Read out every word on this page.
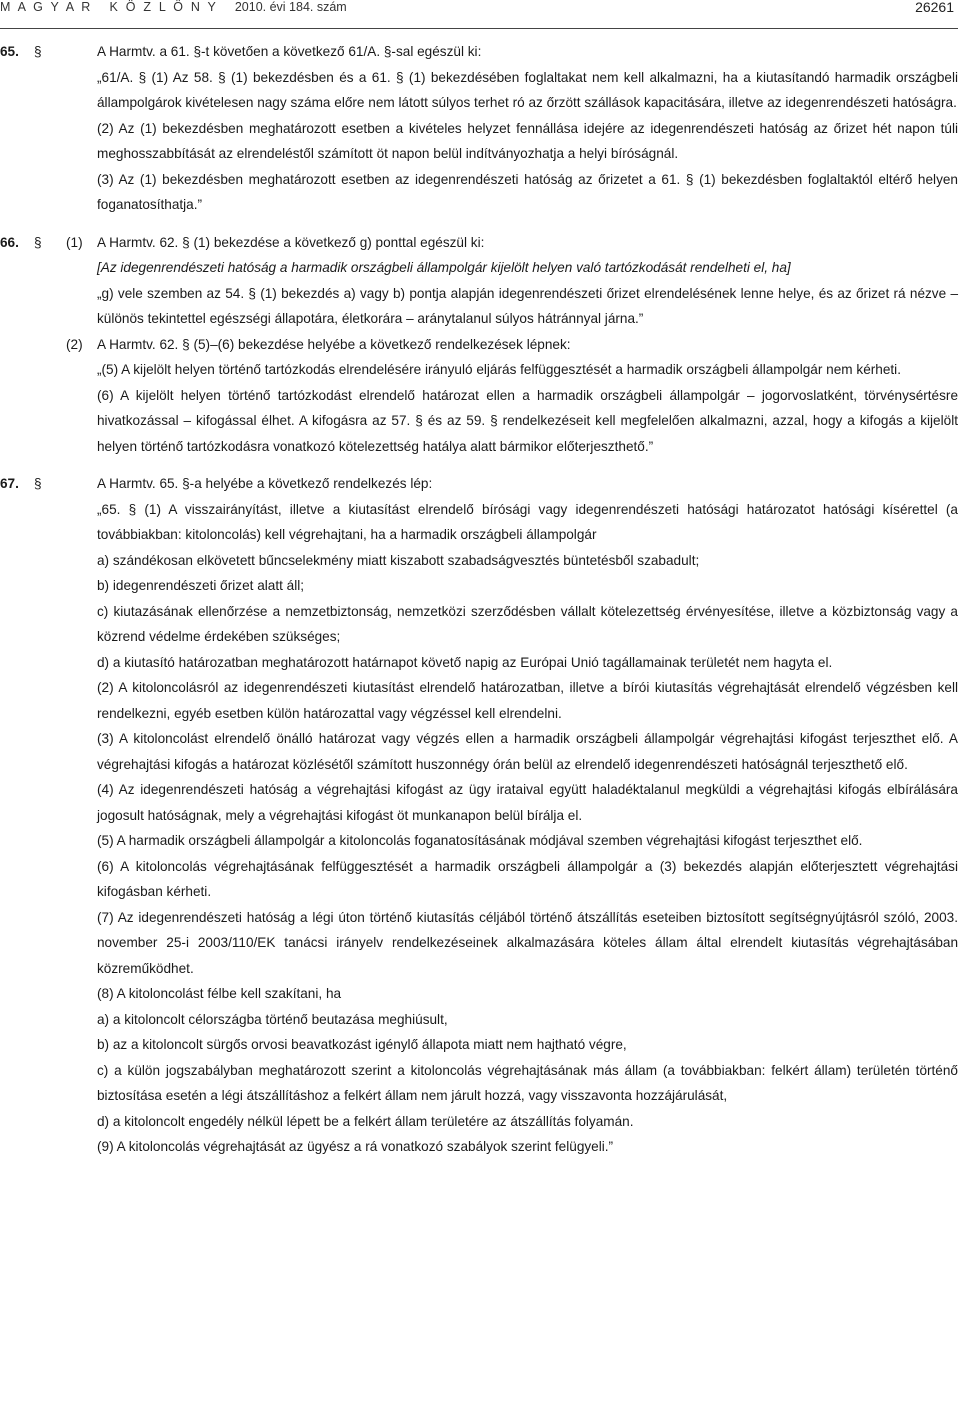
M A G Y A R   K Ö Z L Ö N Y 2010. évi 184. szám	26261
65. §	A Harmtv. a 61. §-t követően a következő 61/A. §-sal egészül ki:

„61/A. § (1) Az 58. § (1) bekezdésben és a 61. § (1) bekezdésében foglaltakat nem kell alkalmazni, ha a kiutasítandó harmadik országbeli állampolgárok kivételesen nagy száma előre nem látott súlyos terhet ró az őrzött szállások kapacitására, illetve az idegenrendészeti hatóságra.

(2) Az (1) bekezdésben meghatározott esetben a kivételes helyzet fennállása idejére az idegenrendészeti hatóság az őrizet hét napon túli meghosszabbítását az elrendeléstől számított öt napon belül indítványozhatja a helyi bíróságnál.

(3) Az (1) bekezdésben meghatározott esetben az idegenrendészeti hatóság az őrizetet a 61. § (1) bekezdésben foglaltaktól eltérő helyen foganatosíthatja.”

66. § (1)	A Harmtv. 62. § (1) bekezdése a következő g) ponttal egészül ki:

[Az idegenrendészeti hatóság a harmadik országbeli állampolgár kijelölt helyen való tartózkodását rendelheti el, ha]

„g) vele szemben az 54. § (1) bekezdés a) vagy b) pontja alapján idegenrendészeti őrizet elrendelésének lenne helye, és az őrizet rá nézve – különös tekintettel egészségi állapotára, életkorára – aránytalanul súlyos hátránnyal járna.”

(2)	A Harmtv. 62. § (5)–(6) bekezdése helyébe a következő rendelkezések lépnek:

„(5) A kijelölt helyen történő tartózkodás elrendelésére irányuló eljárás felfüggesztését a harmadik országbeli állampolgár nem kérheti.

(6) A kijelölt helyen történő tartózkodást elrendelő határozat ellen a harmadik országbeli állampolgár – jogorvoslatként, törvénysértésre hivatkozással – kifogással élhet. A kifogásra az 57. § és az 59. § rendelkezéseit kell megfelelően alkalmazni, azzal, hogy a kifogás a kijelölt helyen történő tartózkodásra vonatkozó kötelezettség hatálya alatt bármikor előterjeszthető.”

67. §	A Harmtv. 65. §-a helyébe a következő rendelkezés lép:

„65. § (1) A visszairányítást, illetve a kiutasítást elrendelő bírósági vagy idegenrendészeti hatósági határozatot hatósági kísérettel (a továbbiakban: kitoloncolás) kell végrehajtani, ha a harmadik országbeli állampolgár

a) szándékosan elkövetett bűncselekmény miatt kiszabott szabadságvesztés büntetésből szabadult;

b) idegenrendészeti őrizet alatt áll;

c) kiutazásának ellenőrzése a nemzetbiztonság, nemzetközi szerződésben vállalt kötelezettség érvényesítése, illetve a közbiztonság vagy a közrend védelme érdekében szükséges;

d) a kiutasító határozatban meghatározott határnapot követő napig az Európai Unió tagállamainak területét nem hagyta el.

(2) A kitoloncolásról az idegenrendészeti kiutasítást elrendelő határozatban, illetve a bírói kiutasítás végrehajtását elrendelő végzésben kell rendelkezni, egyéb esetben külön határozattal vagy végzéssel kell elrendelni.

(3) A kitoloncolást elrendelő önálló határozat vagy végzés ellen a harmadik országbeli állampolgár végrehajtási kifogást terjeszthet elő. A végrehajtási kifogás a határozat közlésétől számított huszonnégy órán belül az elrendelő idegenrendészeti hatóságnál terjeszthető elő.

(4) Az idegenrendészeti hatóság a végrehajtási kifogást az ügy irataival együtt haladéktalanul megküldi a végrehajtási kifogás elbírálására jogosult hatóságnak, mely a végrehajtási kifogást öt munkanapon belül bírálja el.

(5) A harmadik országbeli állampolgár a kitoloncolás foganatosításának módjával szemben végrehajtási kifogást terjeszthet elő.

(6) A kitoloncolás végrehajtásának felfüggesztését a harmadik országbeli állampolgár a (3) bekezdés alapján előterjesztett végrehajtási kifogásban kérheti.

(7) Az idegenrendészeti hatóság a légi úton történő kiutasítás céljából történő átszállítás eseteiben biztosított segítségnyújtásról szóló, 2003. november 25-i 2003/110/EK tanácsi irányelv rendelkezéseinek alkalmazására köteles állam által elrendelt kiutasítás végrehajtásában közreműködhet.

(8) A kitoloncolást félbe kell szakítani, ha

a) a kitoloncolt célországba történő beutazása meghiúsult,

b) az a kitoloncolt sürgős orvosi beavatkozást igénylő állapota miatt nem hajtható végre,

c) a külön jogszabályban meghatározott szerint a kitoloncolás végrehajtásának más állam (a továbbiakban: felkért állam) területén történő biztosítása esetén a légi átszállításhoz a felkért állam nem járult hozzá, vagy visszavonta hozzájárulását,

d) a kitoloncolt engedély nélkül lépett be a felkért állam területére az átszállítás folyamán.

(9) A kitoloncolás végrehajtását az ügyész a rá vonatkozó szabályok szerint felügyeli.”
